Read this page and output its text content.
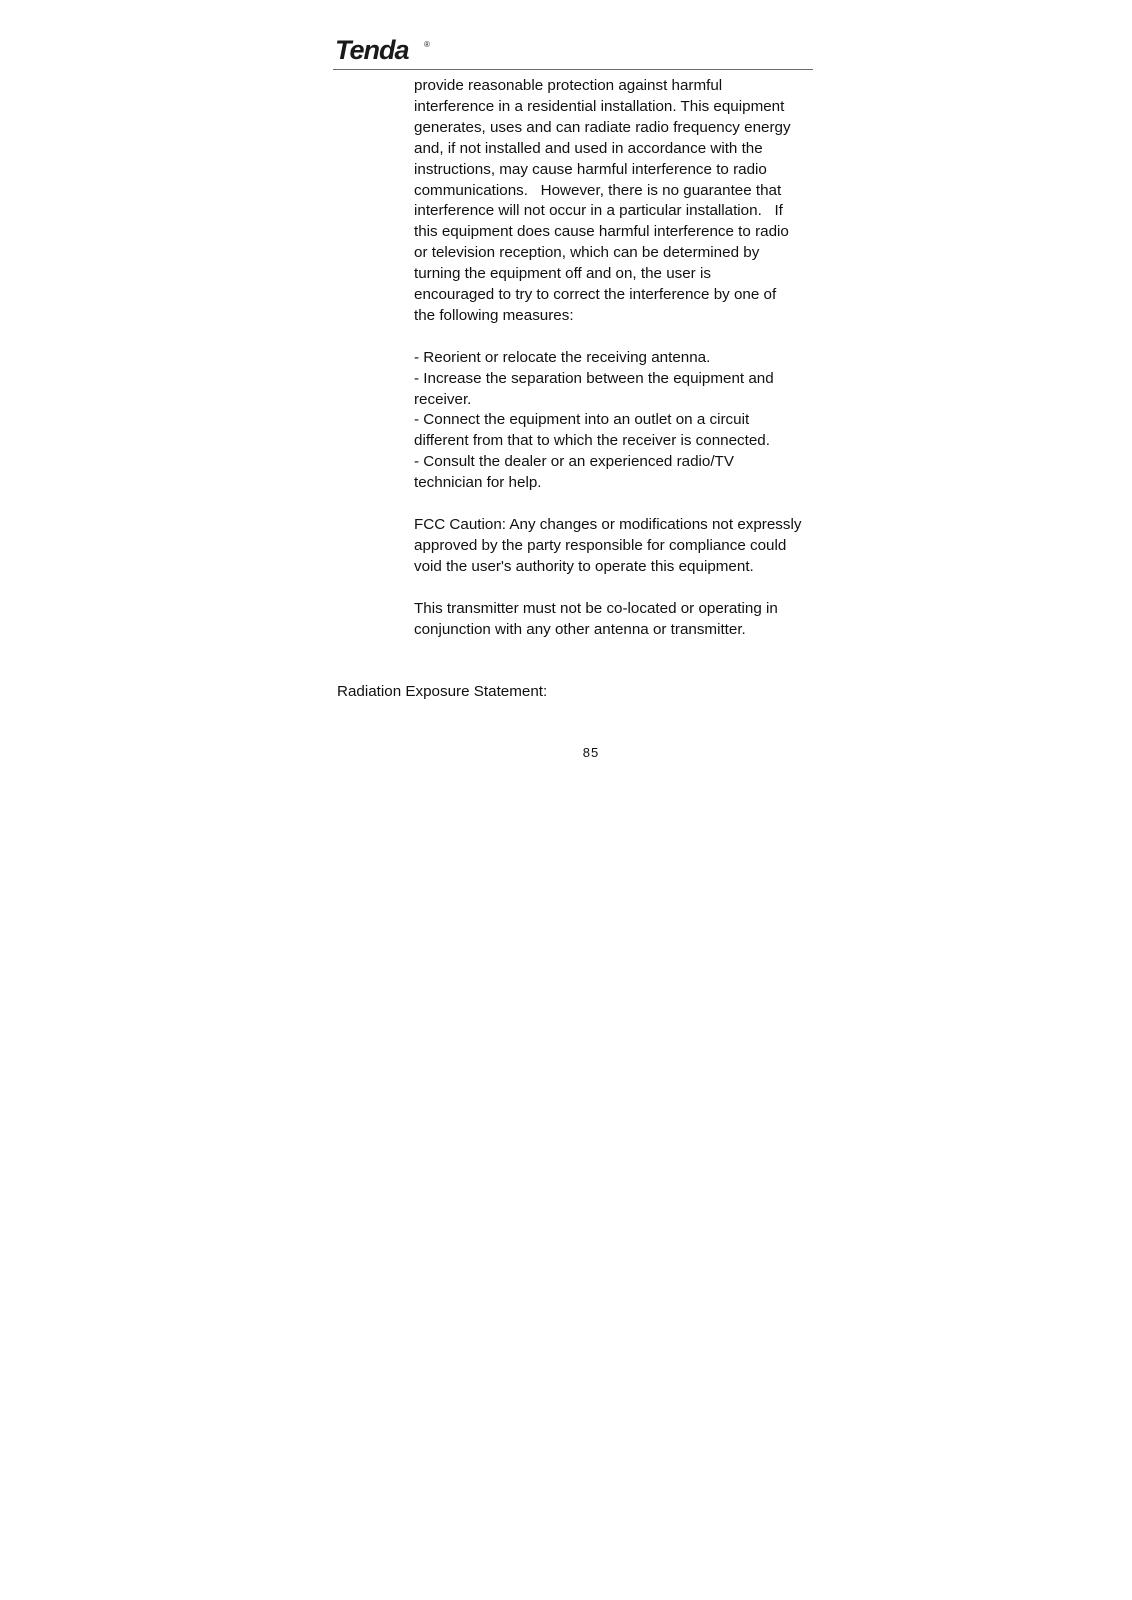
Tenda ®

provide reasonable protection against harmful

interference in a residential installation. This equipment

generates, uses and can radiate radio frequency energy

and, if not installed and used in accordance with the

instructions, may cause harmful interference to radio

communications.   However, there is no guarantee that

interference will not occur in a particular installation.   If

this equipment does cause harmful interference to radio

or television reception, which can be determined by

turning the equipment off and on, the user is

encouraged to try to correct the interference by one of

the following measures:

- Reorient or relocate the receiving antenna.

- Increase the separation between the equipment and

receiver.

- Connect the equipment into an outlet on a circuit

different from that to which the receiver is connected.

- Consult the dealer or an experienced radio/TV

technician for help.

FCC Caution: Any changes or modifications not expressly

approved by the party responsible for compliance could

void the user's authority to operate this equipment.

This transmitter must not be co-located or operating in

conjunction with any other antenna or transmitter.

Radiation Exposure Statement:

85
